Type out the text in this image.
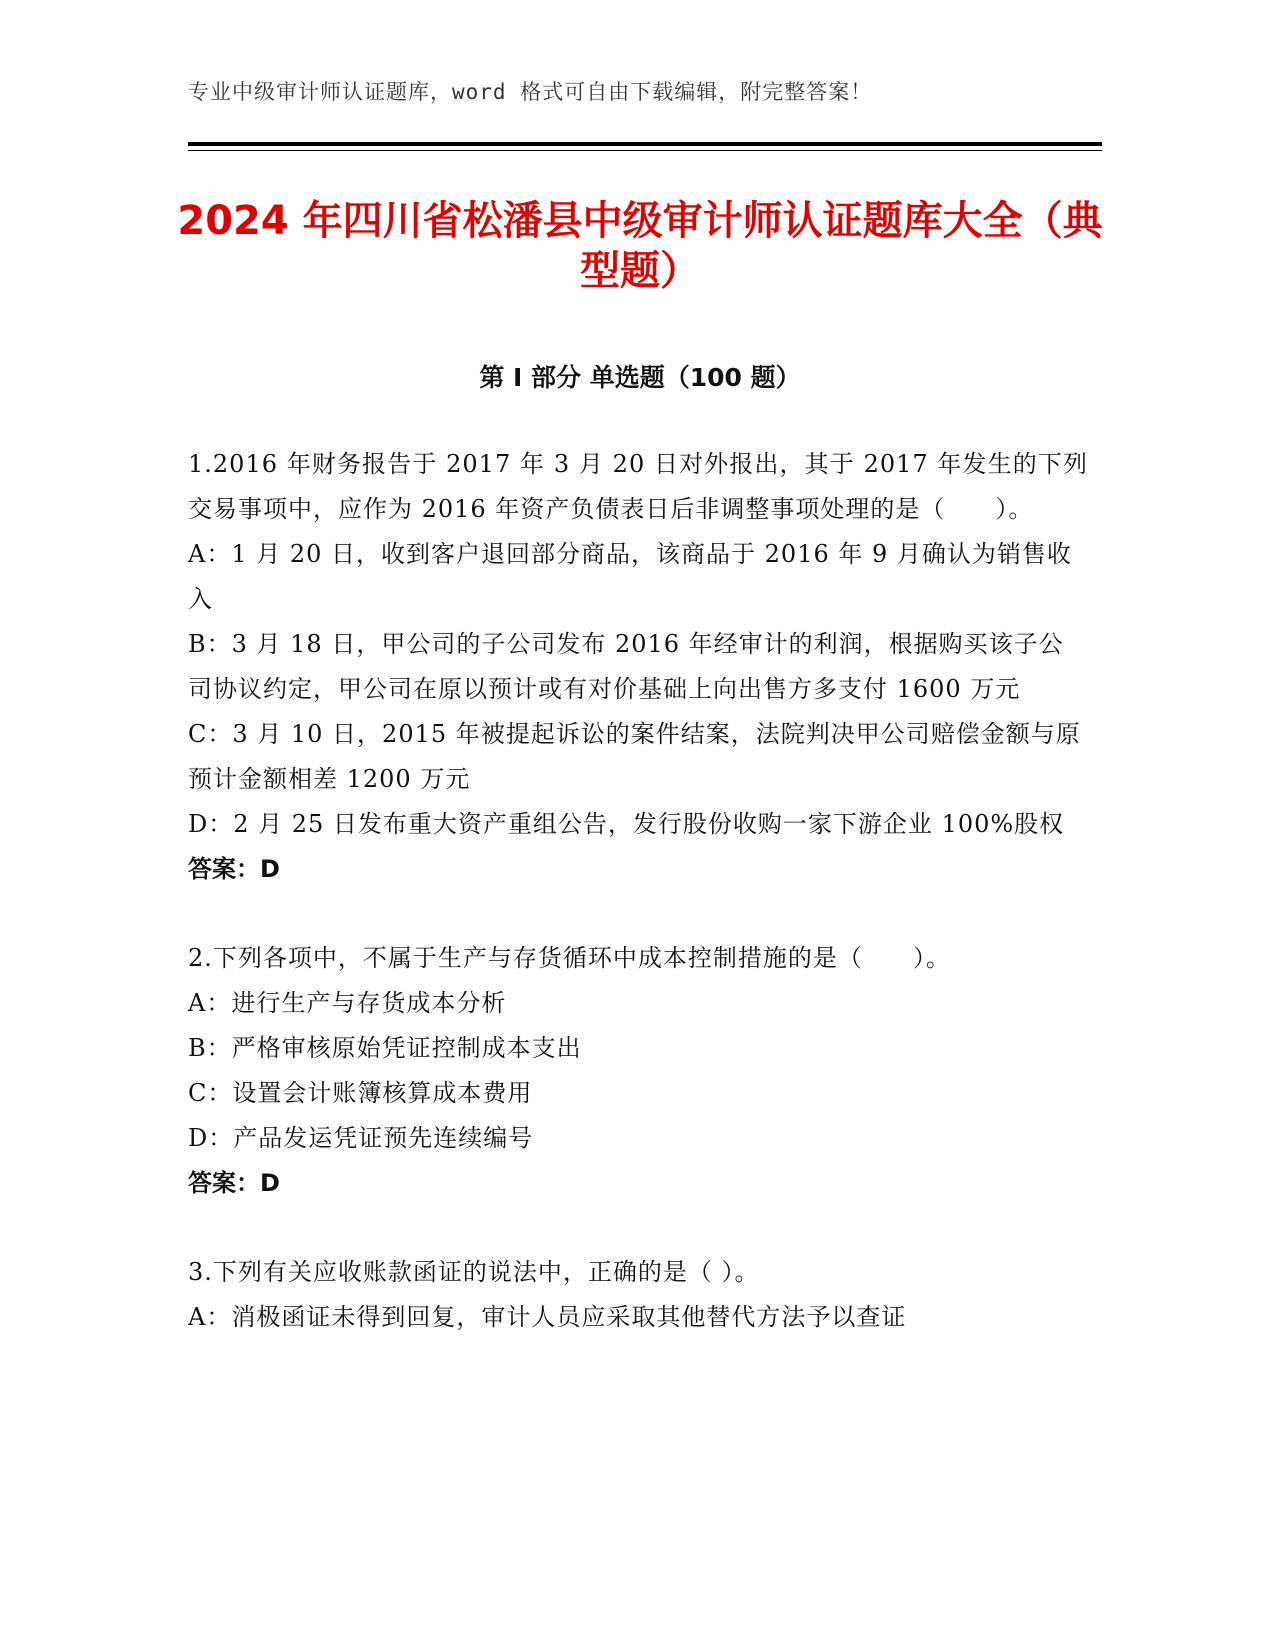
专业中级审计师认证题库，word 格式可自由下载编辑，附完整答案！
2024 年四川省松潘县中级审计师认证题库大全（典型题）
第 I 部分 单选题（100 题）

1.2016 年财务报告于 2017 年 3 月 20 日对外报出，其于 2017 年发生的下列交易事项中，应作为 2016 年资产负债表日后非调整事项处理的是（　　）。

A：1 月 20 日，收到客户退回部分商品，该商品于 2016 年 9 月确认为销售收入

B：3 月 18 日，甲公司的子公司发布 2016 年经审计的利润，根据购买该子公司协议约定，甲公司在原以预计或有对价基础上向出售方多支付 1600 万元

C：3 月 10 日，2015 年被提起诉讼的案件结案，法院判决甲公司赔偿金额与原预计金额相差 1200 万元

D：2 月 25 日发布重大资产重组公告，发行股份收购一家下游企业 100%股权

答案：D

2.下列各项中，不属于生产与存货循环中成本控制措施的是（　　）。

A：进行生产与存货成本分析

B：严格审核原始凭证控制成本支出

C：设置会计账簿核算成本费用

D：产品发运凭证预先连续编号

答案：D

3.下列有关应收账款函证的说法中，正确的是（ ）。

A：消极函证未得到回复，审计人员应采取其他替代方法予以查证
